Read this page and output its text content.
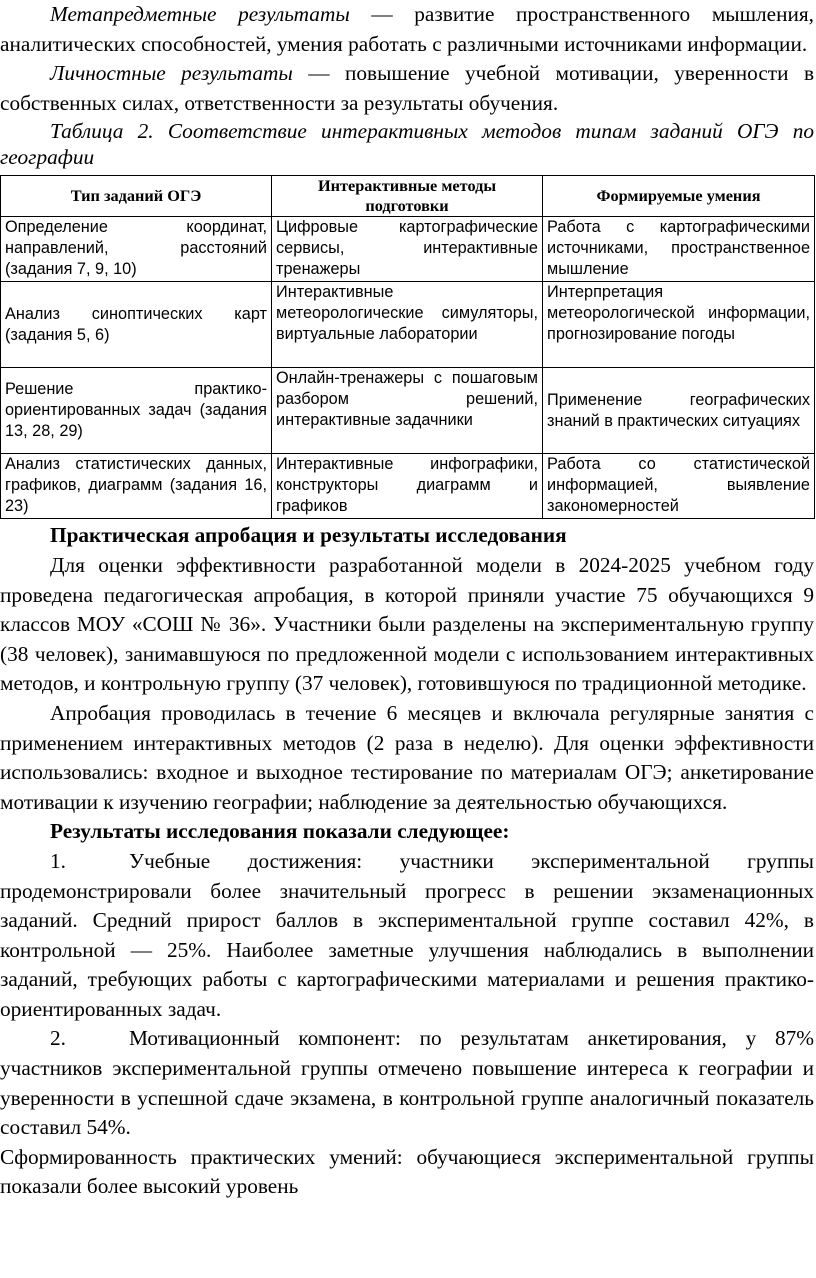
Метапредметные результаты — развитие пространственного мышления, аналитических способностей, умения работать с различными источниками информации.

Личностные результаты — повышение учебной мотивации, уверенности в собственных силах, ответственности за результаты обучения.

Таблица 2. Соответствие интерактивных методов типам заданий ОГЭ по географии

Тип заданий ОГЭ	Интерактивные методы подготовки	Формируемые умения
Определение координат, направлений, расстояний (задания 7, 9, 10)	Цифровые картографические сервисы, интерактивные тренажеры	Работа с картографическими источниками, пространственное мышление
Анализ синоптических карт (задания 5, 6)	Интерактивные метеорологические симуляторы, виртуальные лаборатории	Интерпретация метеорологической информации, прогнозирование погоды
Решение практико-ориентированных задач (задания 13, 28, 29)	Онлайн-тренажеры с пошаговым разбором решений, интерактивные задачники	Применение географических знаний в практических ситуациях
Анализ статистических данных, графиков, диаграмм (задания 16, 23)	Интерактивные инфографики, конструкторы диаграмм и графиков	Работа со статистической информацией, выявление закономерностей

Практическая апробация и результаты исследования

Для оценки эффективности разработанной модели в 2024-2025 учебном году проведена педагогическая апробация, в которой приняли участие 75 обучающихся 9 классов МОУ «СОШ № 36». Участники были разделены на экспериментальную группу (38 человек), занимавшуюся по предложенной модели с использованием интерактивных методов, и контрольную группу (37 человек), готовившуюся по традиционной методике.

Апробация проводилась в течение 6 месяцев и включала регулярные занятия с применением интерактивных методов (2 раза в неделю). Для оценки эффективности использовались: входное и выходное тестирование по материалам ОГЭ; анкетирование мотивации к изучению географии; наблюдение за деятельностью обучающихся.

Результаты исследования показали следующее:

1.	Учебные достижения: участники экспериментальной группы продемонстрировали более значительный прогресс в решении экзаменационных заданий. Средний прирост баллов в экспериментальной группе составил 42%, в контрольной — 25%. Наиболее заметные улучшения наблюдались в выполнении заданий, требующих работы с картографическими материалами и решения практико-ориентированных задач.

2.	Мотивационный компонент: по результатам анкетирования, у 87% участников экспериментальной группы отмечено повышение интереса к географии и уверенности в успешной сдаче экзамена, в контрольной группе аналогичный показатель составил 54%.

Сформированность практических умений: обучающиеся экспериментальной группы показали более высокий уровень
